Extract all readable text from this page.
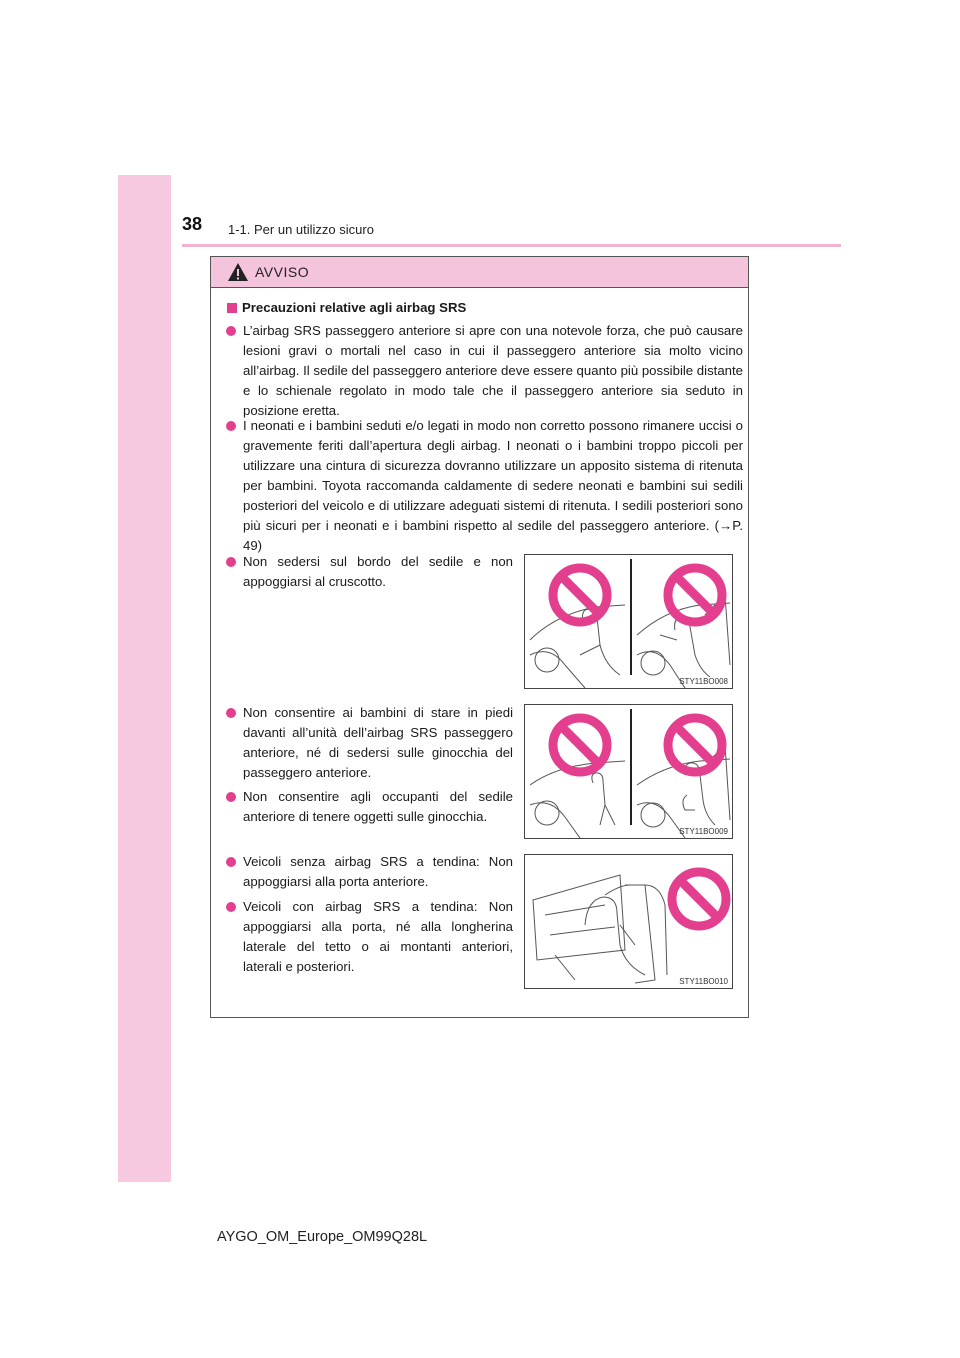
38 1-1. Per un utilizzo sicuro
AVVISO
Precauzioni relative agli airbag SRS
L’airbag SRS passeggero anteriore si apre con una notevole forza, che può causare lesioni gravi o mortali nel caso in cui il passeggero anteriore sia molto vicino all’airbag. Il sedile del passeggero anteriore deve essere quanto più possibile distante e lo schienale regolato in modo tale che il passeggero anteriore sia seduto in posizione eretta.
I neonati e i bambini seduti e/o legati in modo non corretto possono rimanere uccisi o gravemente feriti dall’apertura degli airbag. I neonati o i bambini troppo piccoli per utilizzare una cintura di sicurezza dovranno utilizzare un apposito sistema di ritenuta per bambini. Toyota raccomanda caldamente di sedere neonati e bambini sui sedili posteriori del veicolo e di utilizzare adeguati sistemi di ritenuta. I sedili posteriori sono più sicuri per i neonati e i bambini rispetto al sedile del passeggero anteriore. (→P. 49)
Non sedersi sul bordo del sedile e non appoggiarsi al cruscotto.
Non consentire ai bambini di stare in piedi davanti all’unità dell’airbag SRS passeggero anteriore, né di sedersi sulle ginocchia del passeggero anteriore.
Non consentire agli occupanti del sedile anteriore di tenere oggetti sulle ginocchia.
Veicoli senza airbag SRS a tendina: Non appoggiarsi alla porta anteriore.
Veicoli con airbag SRS a tendina: Non appoggiarsi alla porta, né alla longherina laterale del tetto o ai montanti anteriori, laterali e posteriori.
STY11BO008
STY11BO009
STY11BO010
AYGO_OM_Europe_OM99Q28L
